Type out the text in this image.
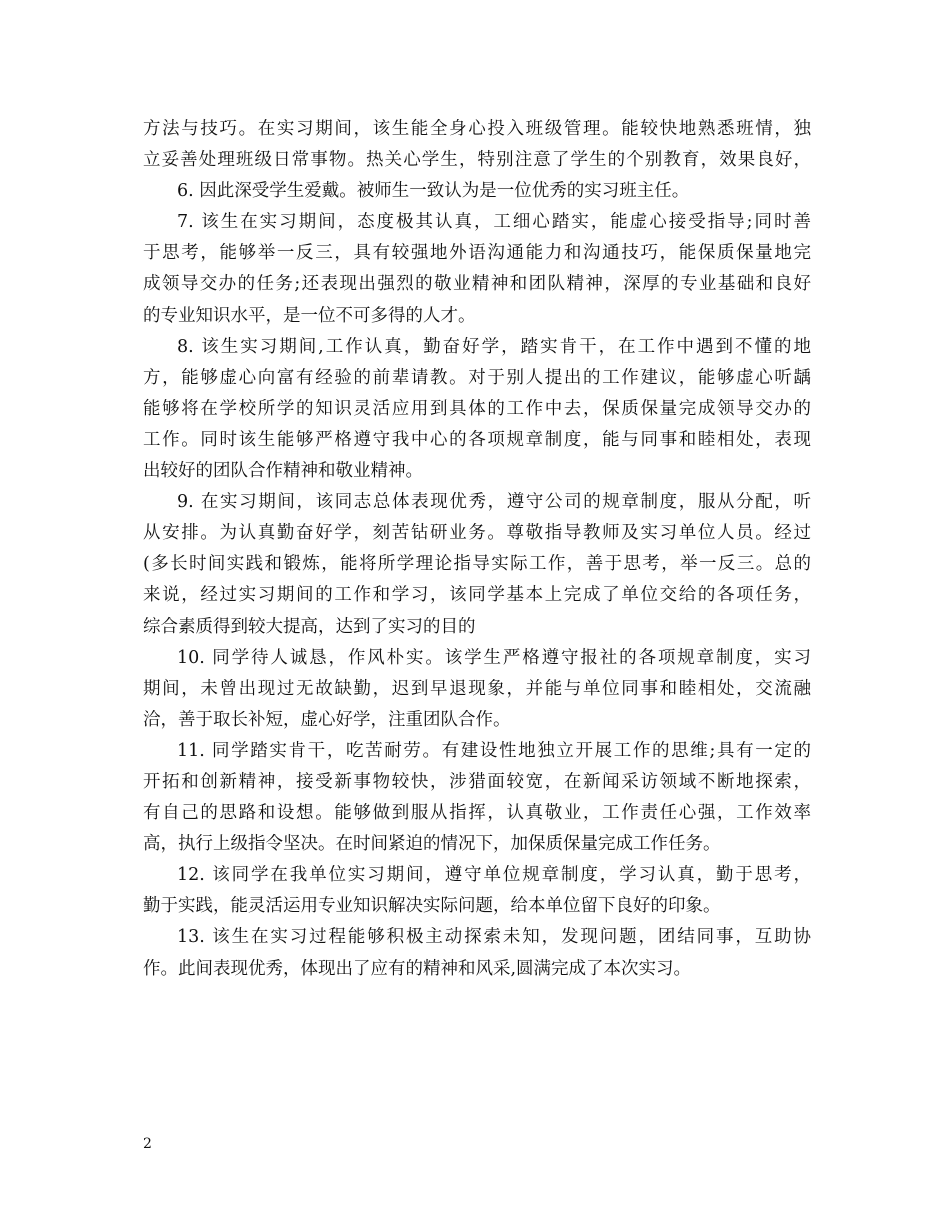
方法与技巧。在实习期间，该生能全身心投入班级管理。能较快地熟悉班情，独
立妥善处理班级日常事物。热关心学生，特别注意了学生的个别教育，效果良好，
6. 因此深受学生爱戴。被师生一致认为是一位优秀的实习班主任。
7. 该生在实习期间，态度极其认真，工细心踏实，能虚心接受指导;同时善
于思考，能够举一反三，具有较强地外语沟通能力和沟通技巧，能保质保量地完
成领导交办的任务;还表现出强烈的敬业精神和团队精神，深厚的专业基础和良好
的专业知识水平，是一位不可多得的人才。
8. 该生实习期间,工作认真，勤奋好学，踏实肯干，在工作中遇到不懂的地
方，能够虚心向富有经验的前辈请教。对于别人提出的工作建议，能够虚心听龋
能够将在学校所学的知识灵活应用到具体的工作中去，保质保量完成领导交办的
工作。同时该生能够严格遵守我中心的各项规章制度，能与同事和睦相处，表现
出较好的团队合作精神和敬业精神。
9. 在实习期间，该同志总体表现优秀，遵守公司的规章制度，服从分配，听
从安排。为认真勤奋好学，刻苦钻研业务。尊敬指导教师及实习单位人员。经过
(多长时间实践和锻炼，能将所学理论指导实际工作，善于思考，举一反三。总的
来说，经过实习期间的工作和学习，该同学基本上完成了单位交给的各项任务，
综合素质得到较大提高，达到了实习的目的
10. 同学待人诚恳，作风朴实。该学生严格遵守报社的各项规章制度，实习
期间，未曾出现过无故缺勤，迟到早退现象，并能与单位同事和睦相处，交流融
洽，善于取长补短，虚心好学，注重团队合作。
11. 同学踏实肯干，吃苦耐劳。有建设性地独立开展工作的思维;具有一定的
开拓和创新精神，接受新事物较快，涉猎面较宽，在新闻采访领域不断地探索，
有自己的思路和设想。能够做到服从指挥，认真敬业，工作责任心强，工作效率
高，执行上级指令坚决。在时间紧迫的情况下，加保质保量完成工作任务。
12. 该同学在我单位实习期间，遵守单位规章制度，学习认真，勤于思考，
勤于实践，能灵活运用专业知识解决实际问题，给本单位留下良好的印象。
13. 该生在实习过程能够积极主动探索未知，发现问题，团结同事，互助协
作。此间表现优秀，体现出了应有的精神和风采,圆满完成了本次实习。
2
